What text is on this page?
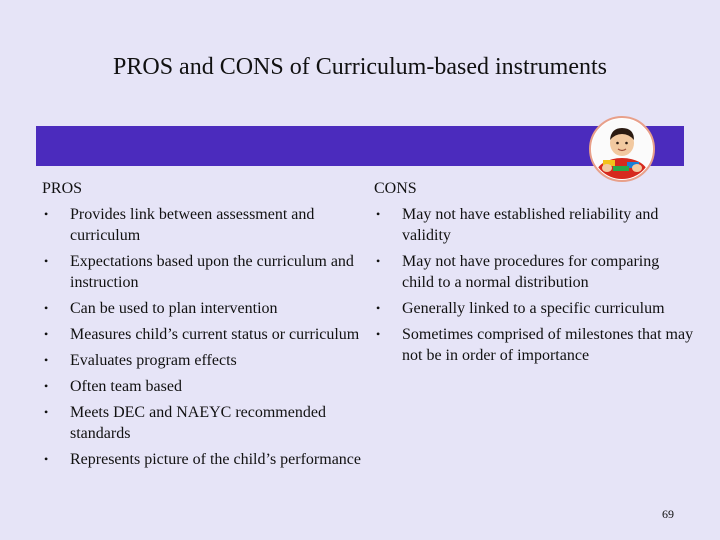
PROS and CONS of Curriculum-based instruments
PROS
• Provides link between assessment and curriculum
• Expectations based upon the curriculum and instruction
• Can be used to plan intervention
• Measures child’s current status or curriculum
• Evaluates program effects
• Often team based
• Meets DEC and NAEYC recommended standards
• Represents picture of the child’s performance
CONS
• May not have established reliability and validity
• May not have procedures for comparing child to a normal distribution
• Generally linked to a specific curriculum
• Sometimes comprised of milestones that may not be in order of importance
69
